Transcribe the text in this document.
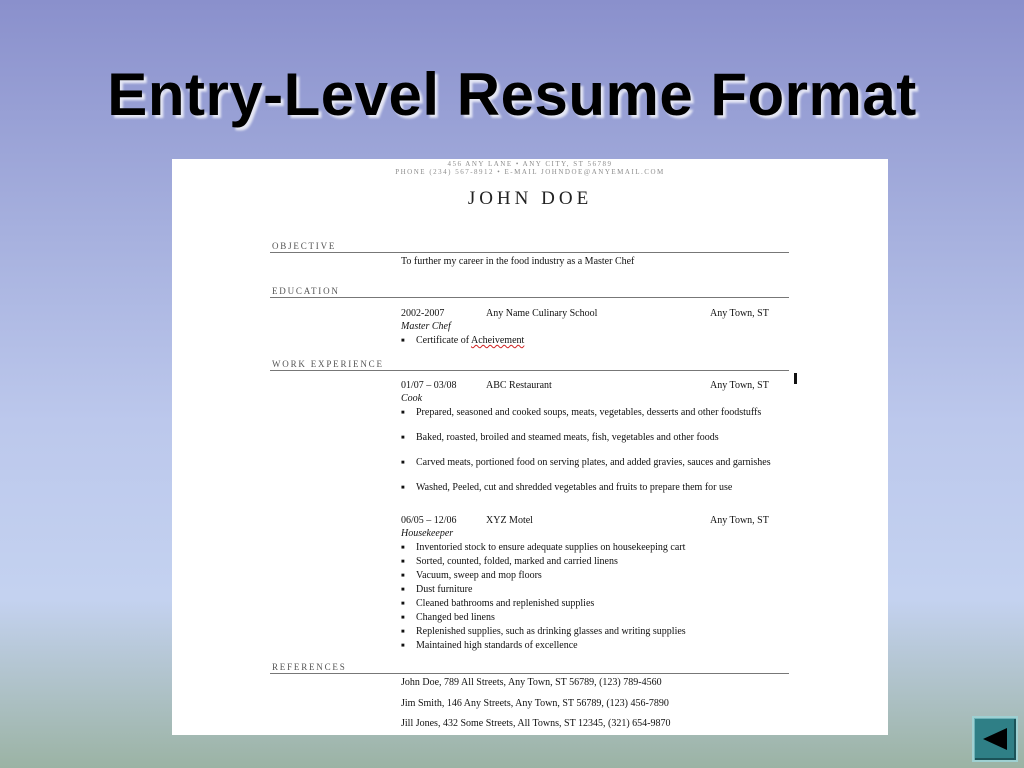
Entry-Level Resume Format
456 ANY LANE • ANY CITY, ST 56789
PHONE (234) 567-8912 • E-MAIL JOHNDOE@ANYEMAIL.COM
JOHN DOE
OBJECTIVE
To further my career in the food industry as a Master Chef
EDUCATION
2002-2007	Any Name Culinary School	Any Town, ST
Master Chef
■ Certificate of Acheivement
WORK EXPERIENCE
01/07 – 03/08	ABC Restaurant	Any Town, ST
Cook
■ Prepared, seasoned and cooked soups, meats, vegetables, desserts and other foodstuffs
■ Baked, roasted, broiled and steamed meats, fish, vegetables and other foods
■ Carved meats, portioned food on serving plates, and added gravies, sauces and garnishes
■ Washed, Peeled, cut and shredded vegetables and fruits to prepare them for use
06/05 – 12/06	XYZ Motel	Any Town, ST
Housekeeper
■ Inventoried stock to ensure adequate supplies on housekeeping cart
■ Sorted, counted, folded, marked and carried linens
■ Vacuum, sweep and mop floors
■ Dust furniture
■ Cleaned bathrooms and replenished supplies
■ Changed bed linens
■ Replenished supplies, such as drinking glasses and writing supplies
■ Maintained high standards of excellence
REFERENCES
John Doe, 789 All Streets, Any Town, ST 56789, (123) 789-4560
Jim Smith, 146 Any Streets, Any Town, ST 56789, (123) 456-7890
Jill Jones, 432 Some Streets, All Towns, ST 12345, (321) 654-9870
